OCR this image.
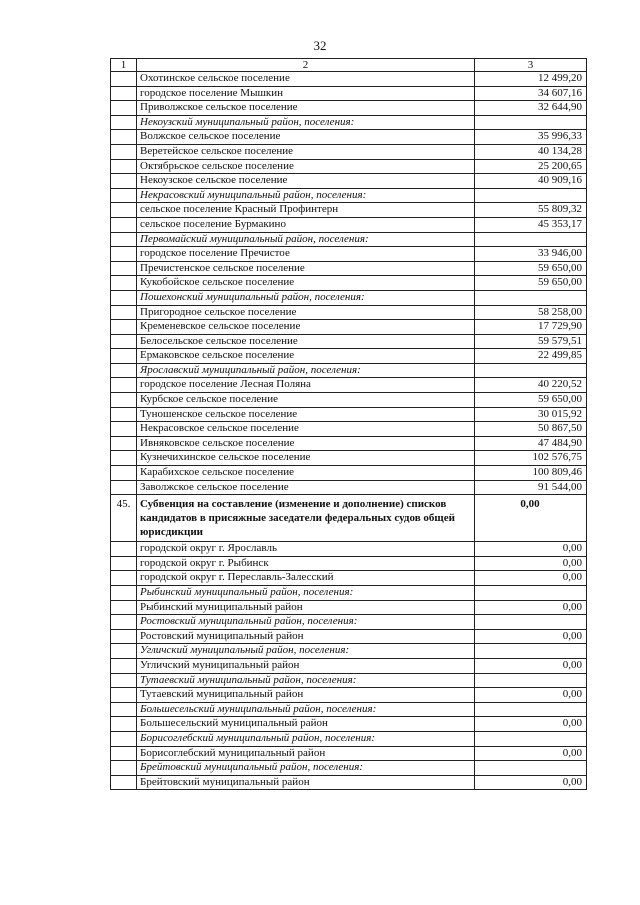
32
1	2	3
	Охотинское сельское поселение	12 499,20
	городское поселение Мышкин	34 607,16
	Приволжское сельское поселение	32 644,90
	Некоузский муниципальный район, поселения:	
	Волжское сельское поселение	35 996,33
	Веретейское сельское поселение	40 134,28
	Октябрьское сельское поселение	25 200,65
	Некоузское сельское поселение	40 909,16
	Некрасовский муниципальный район, поселения:	
	сельское поселение Красный Профинтерн	55 809,32
	сельское поселение Бурмакино	45 353,17
	Первомайский муниципальный район, поселения:	
	городское поселение Пречистое	33 946,00
	Пречистенское сельское поселение	59 650,00
	Кукобойское сельское поселение	59 650,00
	Пошехонский муниципальный район, поселения:	
	Пригородное сельское поселение	58 258,00
	Кременевское сельское поселение	17 729,90
	Белосельское сельское поселение	59 579,51
	Ермаковское сельское поселение	22 499,85
	Ярославский муниципальный район, поселения:	
	городское поселение Лесная Поляна	40 220,52
	Курбское сельское поселение	59 650,00
	Туношенское сельское поселение	30 015,92
	Некрасовское сельское поселение	50 867,50
	Ивняковское сельское поселение	47 484,90
	Кузнечихинское сельское поселение	102 576,75
	Карабихское сельское поселение	100 809,46
	Заволжское сельское поселение	91 544,00
45.	Субвенция на составление (изменение и дополнение) списков кандидатов в присяжные заседатели федеральных судов общей юрисдикции	0,00
	городской округ г. Ярославль	0,00
	городской округ г. Рыбинск	0,00
	городской округ г. Переславль-Залесский	0,00
	Рыбинский муниципальный район, поселения:	
	Рыбинский муниципальный район	0,00
	Ростовский муниципальный район, поселения:	
	Ростовский муниципальный район	0,00
	Угличский муниципальный район, поселения:	
	Угличский муниципальный район	0,00
	Тутаевский муниципальный район, поселения:	
	Тутаевский муниципальный район	0,00
	Большесельский муниципальный район, поселения:	
	Большесельский муниципальный район	0,00
	Борисоглебский муниципальный район, поселения:	
	Борисоглебский муниципальный район	0,00
	Брейтовский муниципальный район, поселения:	
	Брейтовский муниципальный район	0,00
